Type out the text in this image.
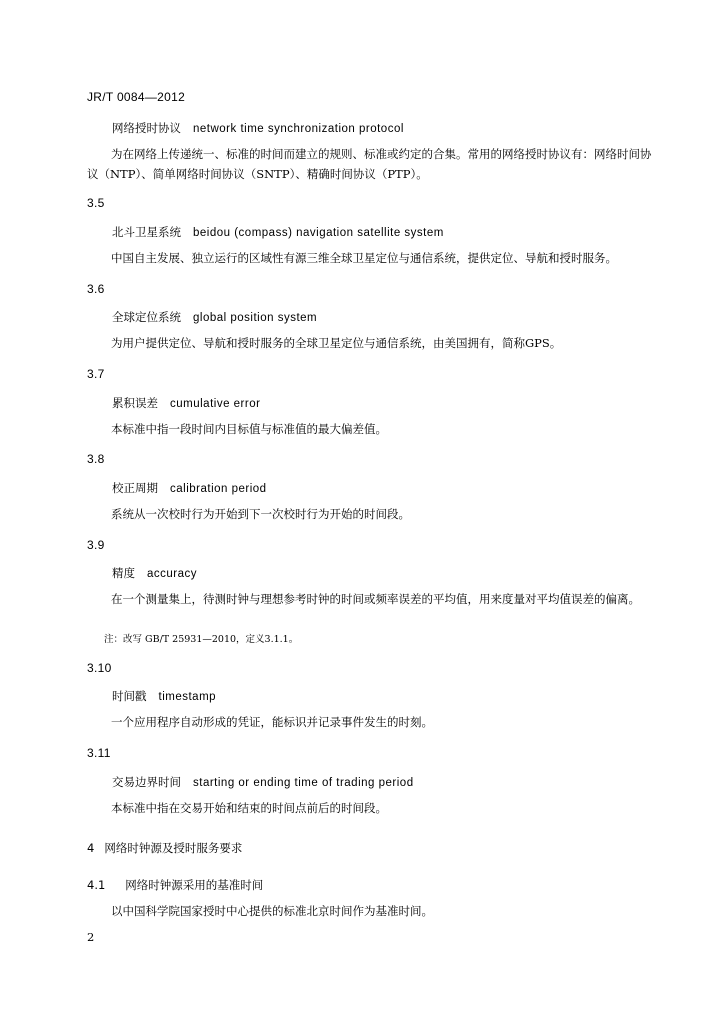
JR/T 0084—2012
网络授时协议 network time synchronization protocol

为在网络上传递统一、标准的时间而建立的规则、标准或约定的合集。常用的网络授时协议有：网络时间协议（NTP）、简单网络时间协议（SNTP）、精确时间协议（PTP）。

3.5
北斗卫星系统 beidou (compass) navigation satellite system

中国自主发展、独立运行的区域性有源三维全球卫星定位与通信系统，提供定位、导航和授时服务。

3.6
全球定位系统 global position system

为用户提供定位、导航和授时服务的全球卫星定位与通信系统，由美国拥有，简称GPS。

3.7
累积误差 cumulative error

本标准中指一段时间内目标值与标准值的最大偏差值。

3.8
校正周期 calibration period

系统从一次校时行为开始到下一次校时行为开始的时间段。

3.9
精度 accuracy

在一个测量集上，待测时钟与理想参考时钟的时间或频率误差的平均值，用来度量对平均值误差的偏离。

注：改写 GB/T 25931—2010，定义3.1.1。
3.10
时间戳 timestamp

一个应用程序自动形成的凭证，能标识并记录事件发生的时刻。

3.11
交易边界时间 starting or ending time of trading period

本标准中指在交易开始和结束的时间点前后的时间段。

4 网络时钟源及授时服务要求
4.1 网络时钟源采用的基准时间

以中国科学院国家授时中心提供的标准北京时间作为基准时间。

2
